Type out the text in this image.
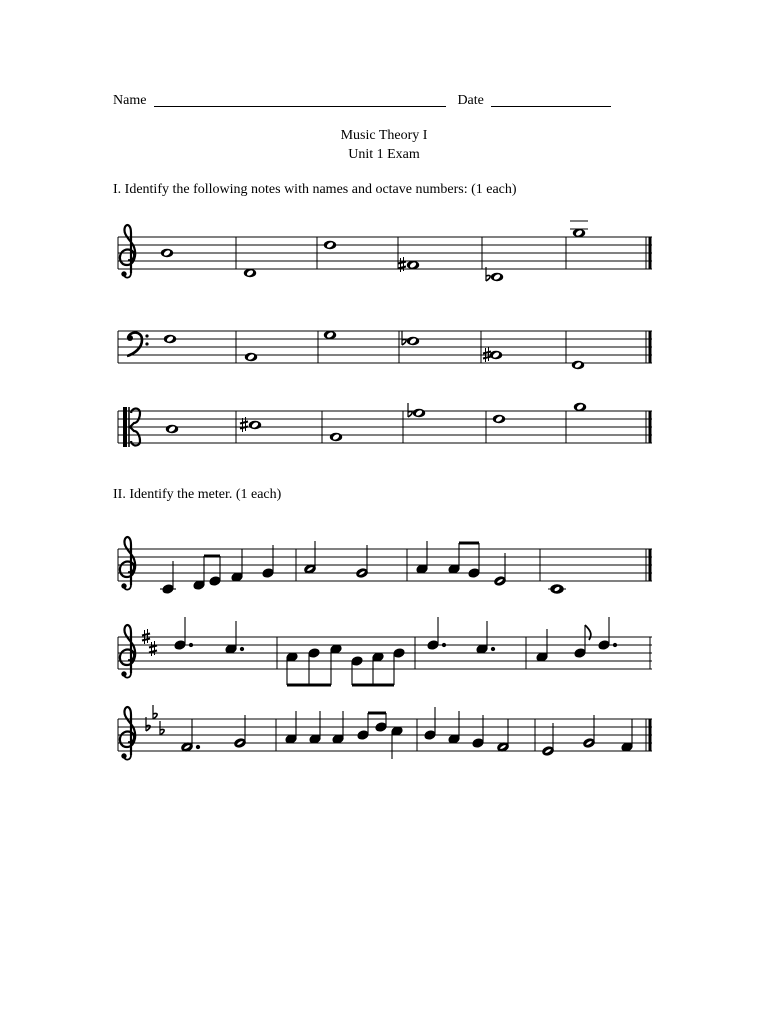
Name	Date
Music Theory I
Unit 1 Exam
I. Identify the following notes with names and octave numbers: (1 each)
II. Identify the meter. (1 each)
